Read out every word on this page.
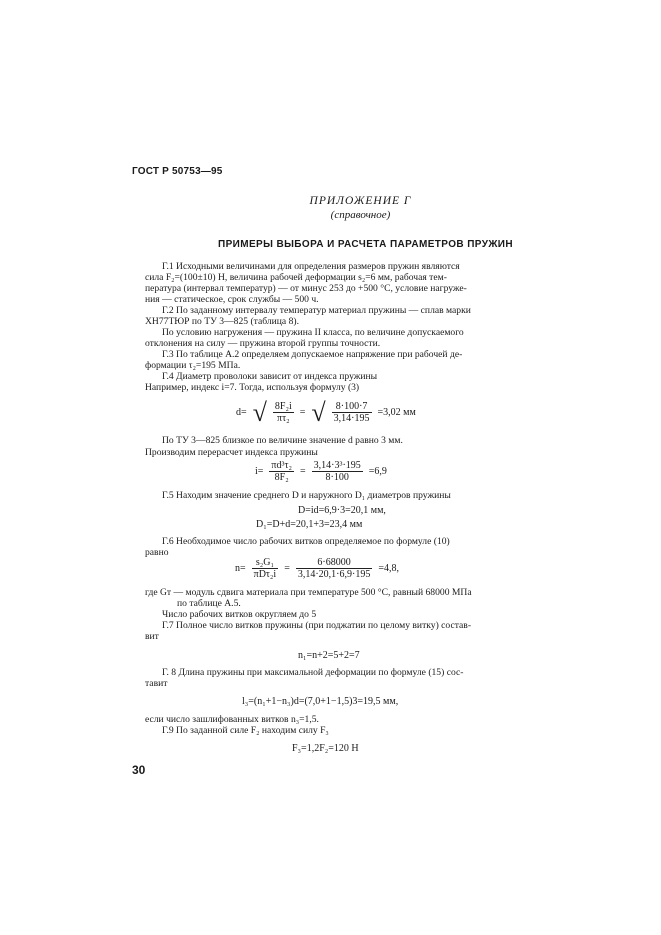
ГОСТ Р 50753—95
ПРИЛОЖЕНИЕ Г
(справочное)
ПРИМЕРЫ ВЫБОРА И РАСЧЕТА ПАРАМЕТРОВ ПРУЖИН
Г.1 Исходными величинами для определения размеров пружин являются
сила F₂=(100±10) Н, величина рабочей деформации s₂=6 мм, рабочая тем-
пература (интервал температур) — от минус 253 до +500 °С, условие нагруже-
ния — статическое, срок службы — 500 ч.
Г.2 По заданному интервалу температур материал пружины — сплав марки
ХН77ТЮР по ТУ 3—825 (таблица 8).
По условию нагружения — пружина II класса, по величине допускаемого
отклонения на силу — пружина второй группы точности.
Г.3 По таблице А.2 определяем допускаемое напряжение при рабочей де-
формации τ₂=195 МПа.
Г.4 Диаметр проволоки зависит от индекса пружины
Например, индекс i=7. Тогда, используя формулу (3)
d= √ $\frac{\text{8F₂i}}{\text{πτ₂}}$ = √ $\frac{8\cdot 100\cdot 7}{3,14\cdot 195} =3,02$ мм
По ТУ 3—825 близкое по величине значение d равно 3 мм.
Производим перерасчет индекса пружины
$i= \frac{\text{πd³τ₂}}{\text{8F₂}} = \frac{\text{3,14·3³·195}}{8\cdot 100} =6,9$
Г.5 Находим значение среднего D и наружного D₁ диаметров пружины
D=id=6,9·3=20,1 мм,
D₁=D+d=20,1+3=23,4 мм
Г.6 Необходимое число рабочих витков определяемое по формуле (10)
равно
$n= \frac{\text{s₂G₁}}{\text{πDτ₂i}} = \frac{6\cdot 68000}{3,14\cdot 20,1\cdot 6,9\cdot 195} =4,8$,
где Gт — модуль сдвига материала при температуре 500 °С, равный 68000 МПа
по таблице А.5.
Число рабочих витков округляем до 5
Г.7 Полное число витков пружины (при поджатии по целому витку) состав-
вит
n₁=n+2=5+2=7
Г. 8 Длина пружины при максимальной деформации по формуле (15) сос-
тавит
l₃=(n₁+1−n₃)d=(7,0+1−1,5)3=19,5 мм,
если число зашлифованных витков n₃=1,5.
Г.9 По заданной силе F₂ находим силу F₃
F₃=1,2F₂=120 Н
30
